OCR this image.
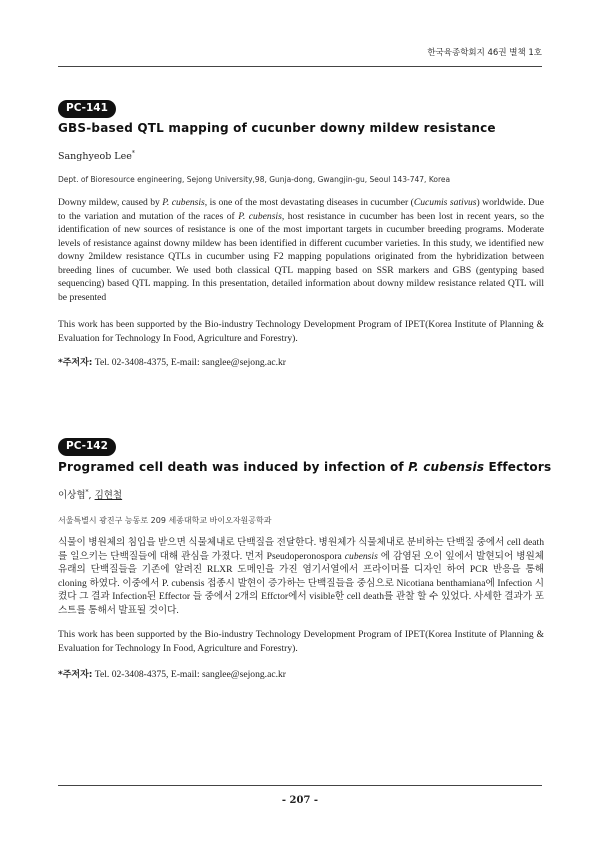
한국육종학회지 46권 별책 1호
PC-141
GBS-based QTL mapping of cucunber downy mildew resistance
Sanghyeob Lee*
Dept. of Bioresource engineering, Sejong University,98, Gunja-dong, Gwangjin-gu, Seoul 143-747, Korea
Downy mildew, caused by P. cubensis, is one of the most devastating diseases in cucumber (Cucumis sativus) worldwide. Due to the variation and mutation of the races of P. cubensis, host resistance in cucumber has been lost in recent years, so the identification of new sources of resistance is one of the most important targets in cucumber breeding programs. Moderate levels of resistance against downy mildew has been identified in different cucumber varieties. In this study, we identified new downy 2mildew resistance QTLs in cucumber using F2 mapping populations originated from the hybridization between breeding lines of cucumber. We used both classical QTL mapping based on SSR markers and GBS (gentyping based sequencing) based QTL mapping. In this presentation, detailed information about downy mildew resistance related QTL will be presented
This work has been supported by the Bio-industry Technology Development Program of IPET(Korea Institute of Planning & Evaluation for Technology In Food, Agriculture and Forestry).
*주저자: Tel. 02-3408-4375, E-mail: sanglee@sejong.ac.kr
PC-142
Programed cell death was induced by infection of P. cubensis Effectors
이상협*, 김현철
서울특별시 광진구 능동로 209 세종대학교 바이오자원공학과
식물이 병원체의 침입을 받으면 식물체내로 단백질을 전달한다. 병원체가 식물체내로 분비하는 단백질 중에서 cell death를 일으키는 단백질들에 대해 관심을 가졌다. 먼저 Pseudoperonospora cubensis 에 감염된 오이 잎에서 발현되어 병원체 유래의 단백질들을 기존에 알려진 RLXR 도메인을 가진 염기서열에서 프라이머를 디자인 하여 PCR 반응을 통해 cloning 하였다. 이중에서 P. cubensis 접종시 발현이 증가하는 단백질들을 중심으로 Nicotiana benthamiana에 Infection 시켰다 그 결과 Infection된 Effector 들 중에서 2개의 Effctor에서 visible한 cell death를 관찰 할 수 있었다. 사세한 결과가 포스트를 통해서 발표될 것이다.
This work has been supported by the Bio-industry Technology Development Program of IPET(Korea Institute of Planning & Evaluation for Technology In Food, Agriculture and Forestry).
*주저자: Tel. 02-3408-4375, E-mail: sanglee@sejong.ac.kr
- 207 -
